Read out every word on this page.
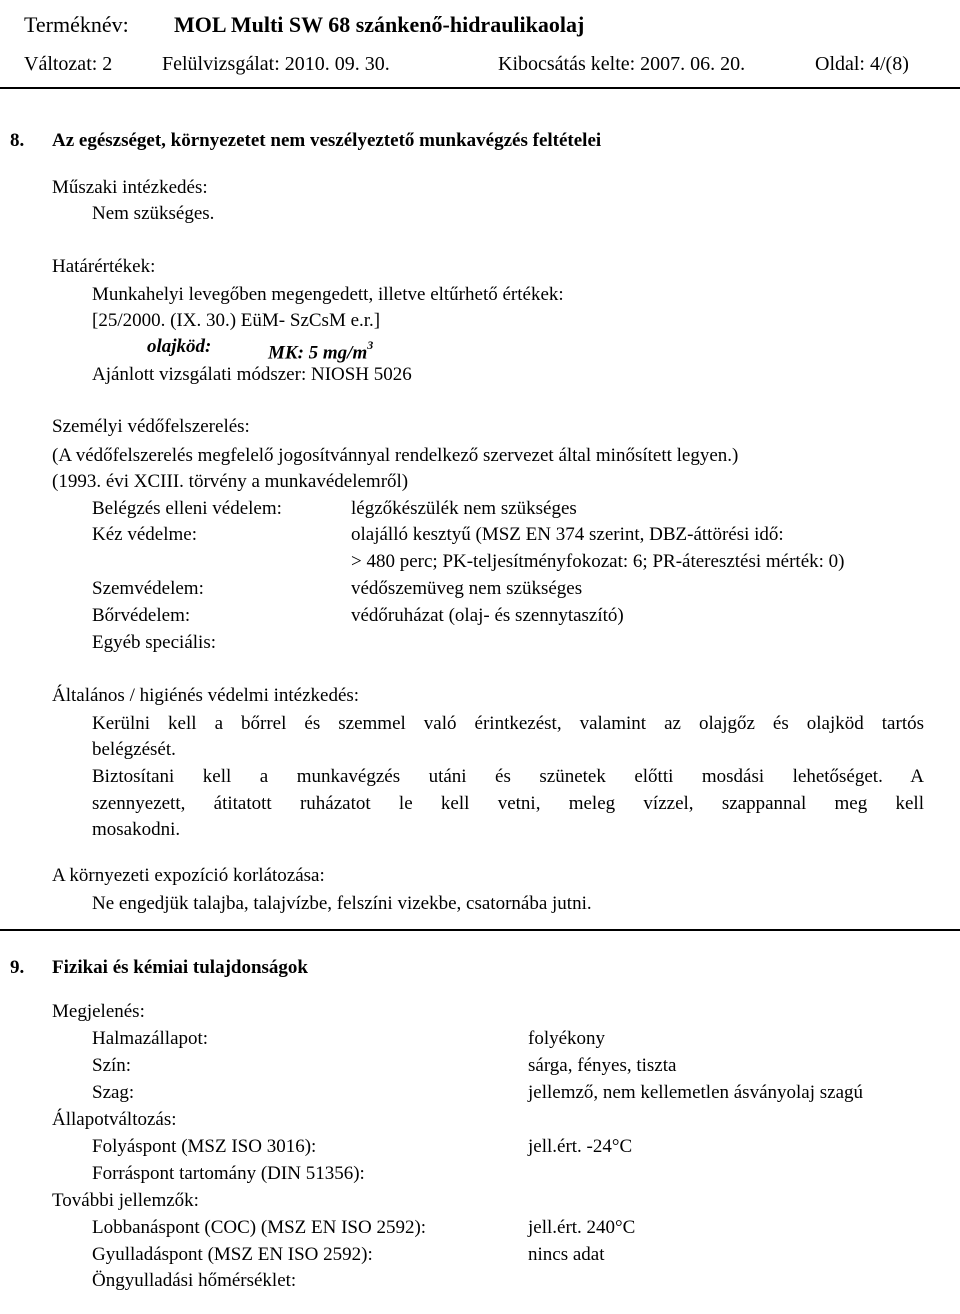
Terméknév: MOL Multi SW 68 szánkenő-hidraulikaolaj
Változat: 2 Felülvizsgálat: 2010. 09. 30.	Kibocsátás kelte: 2007. 06. 20.	Oldal: 4/(8)
8. Az egészséget, környezetet nem veszélyeztető munkavégzés feltételei
Műszaki intézkedés:
Nem szükséges.
Határértékek:
Munkahelyi levegőben megengedett, illetve eltűrhető értékek:
[25/2000. (IX. 30.) EüM- SzCsM e.r.]
olajköd:	MK: 5 $mg/m^3$
Ajánlott vizsgálati módszer: NIOSH 5026
Személyi védőfelszerelés:
(A védőfelszerelés megfelelő jogosítvánnyal rendelkező szervezet által minősített legyen.)
(1993. évi XCIII. törvény a munkavédelemről)
Belégzés elleni védelem:	légzőkészülék nem szükséges
Kéz védelme:	olajálló kesztyű (MSZ EN 374 szerint, DBZ-áttörési idő:
> 480 perc; PK-teljesítményfokozat: 6; PR-áteresztési mérték: 0)
Szemvédelem:	védőszemüveg nem szükséges
Bőrvédelem:	védőruházat (olaj- és szennytaszító)
Egyéb speciális:
Általános / higiénés védelmi intézkedés:
Kerülni kell a bőrrel és szemmel való érintkezést, valamint az olajgőz és olajköd tartós
belégzését.
Biztosítani kell a munkavégzés utáni és szünetek előtti mosdási lehetőséget. A
szennyezett, átitatott ruházatot le kell vetni, meleg vízzel, szappannal meg kell
mosakodni.
A környezeti expozíció korlátozása:
Ne engedjük talajba, talajvízbe, felszíni vizekbe, csatornába jutni.
9. Fizikai és kémiai tulajdonságok
Megjelenés:
Halmazállapot:	folyékony
Szín:	sárga, fényes, tiszta
Szag:	jellemző, nem kellemetlen ásványolaj szagú
Állapotváltozás:
Folyáspont (MSZ ISO 3016):	jell.ért. -24°C
Forráspont tartomány (DIN 51356):
További jellemzők:
Lobbanáspont (COC) (MSZ EN ISO 2592):	jell.ért. 240°C
Gyulladáspont (MSZ EN ISO 2592):	nincs adat
Öngyulladási hőmérséklet:
